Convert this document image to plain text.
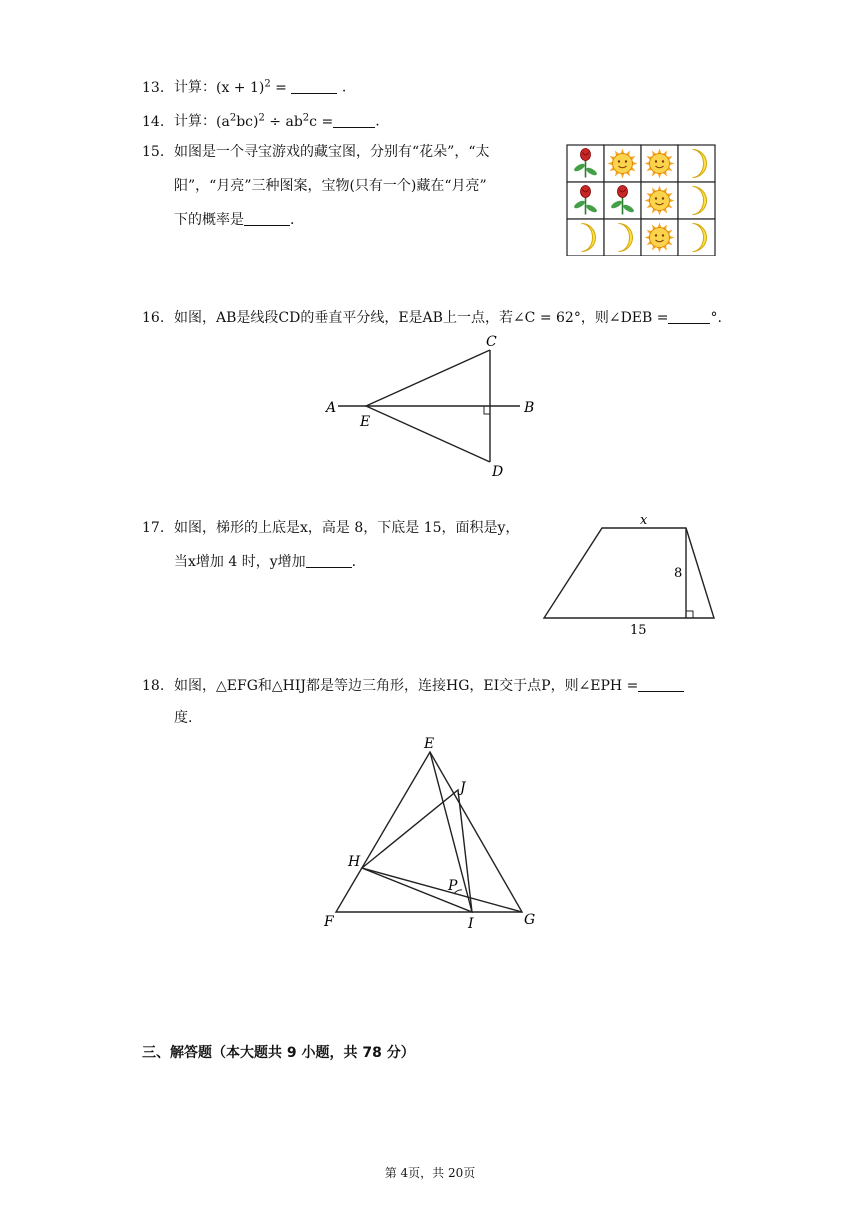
13. 计算：$(x + 1)^2$ =	.
14. 计算：$(a^2bc)^2 \div ab^2c$ =	.
15. 如图是一个寻宝游戏的藏宝图，分别有“花朵”，“太
阳”，“月亮”三种图案，宝物(只有一个)藏在“月亮”
下的概率是	.
16. 如图，AB是线段CD的垂直平分线，E是AB上一点，若∠C = 62°，则∠DEB =	°.
A	B
C
D
E
17. 如图，梯形的上底是x，高是 8，下底是 15，面积是y，
当x增加 4 时，y增加	.
x
8
15
18. 如图，△EFG和△HIJ都是等边三角形，连接HG，EI交于点P，则∠EPH =
度.
E
F	G
H
I
J
P
三、解答题（本大题共 9 小题，共 78 分）
第 4页，共 20页
